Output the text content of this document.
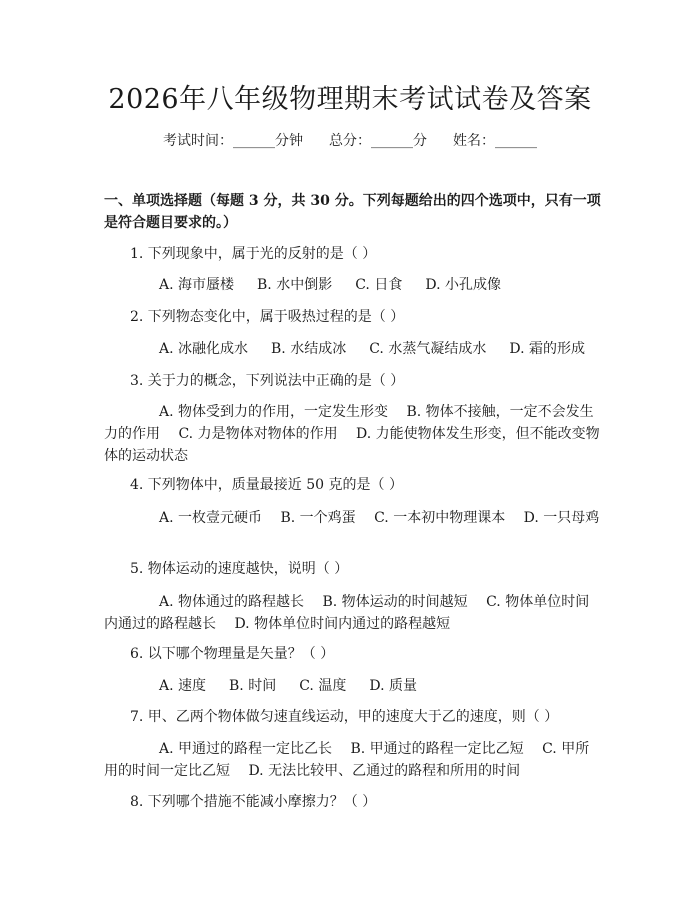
2026年八年级物理期末考试试卷及答案
考试时间：______分钟 总分：______分 姓名：______
一、单项选择题（每题 3 分，共 30 分。下列每题给出的四个选项中，只有一项是符合题目要求的。）
1. 下列现象中，属于光的反射的是（ ）
A. 海市蜃楼 B. 水中倒影 C. 日食 D. 小孔成像
2. 下列物态变化中，属于吸热过程的是（ ）
A. 冰融化成水 B. 水结成冰 C. 水蒸气凝结成水 D. 霜的形成
3. 关于力的概念，下列说法中正确的是（ ）
A. 物体受到力的作用，一定发生形变　 B. 物体不接触，一定不会发生力的作用　 C. 力是物体对物体的作用　 D. 力能使物体发生形变，但不能改变物体的运动状态
4. 下列物体中，质量最接近 50 克的是（ ）
A. 一枚壹元硬币　 B. 一个鸡蛋　 C. 一本初中物理课本　 D. 一只母鸡
5. 物体运动的速度越快，说明（ ）
A. 物体通过的路程越长　 B. 物体运动的时间越短　 C. 物体单位时间内通过的路程越长　 D. 物体单位时间内通过的路程越短
6. 以下哪个物理量是矢量？（ ）
A. 速度 B. 时间 C. 温度 D. 质量
7. 甲、乙两个物体做匀速直线运动，甲的速度大于乙的速度，则（ ）
A. 甲通过的路程一定比乙长　 B. 甲通过的路程一定比乙短　 C. 甲所用的时间一定比乙短　 D. 无法比较甲、乙通过的路程和所用的时间
8. 下列哪个措施不能减小摩擦力？（ ）
